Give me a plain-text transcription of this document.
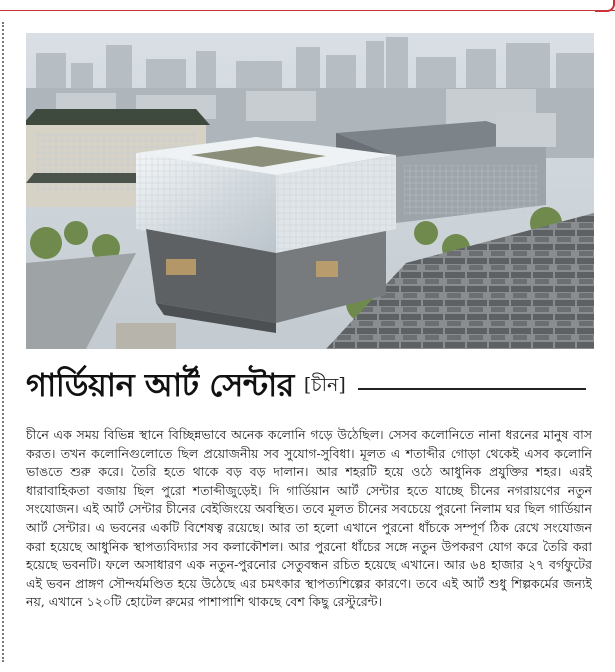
গার্ডিয়ান আর্ট সেন্টার [চীন]

চীনে এক সময় বিভিন্ন স্থানে বিচ্ছিন্নভাবে অনেক কলোনি গড়ে উঠেছিল। সেসব কলোনিতে নানা ধরনের মানুষ বাস করত। তখন কলোনিগুলোতে ছিল প্রয়োজনীয় সব সুযোগ-সুবিধা। মূলত এ শতাব্দীর গোড়া থেকেই এসব কলোনি ভাঙতে শুরু করে। তৈরি হতে থাকে বড় বড় দালান। আর শহরটি হয়ে ওঠে আধুনিক প্রযুক্তির শহর। এরই ধারাবাহিকতা বজায় ছিল পুরো শতাব্দীজুড়েই। দি গার্ডিয়ান আর্ট সেন্টার হতে যাচ্ছে চীনের নগরায়ণের নতুন সংযোজন। এই আর্ট সেন্টার চীনের বেইজিংয়ে অবস্থিত। তবে মূলত চীনের সবচেয়ে পুরনো নিলাম ঘর ছিল গার্ডিয়ান আর্ট সেন্টার। এ ভবনের একটি বিশেষত্ব রয়েছে। আর তা হলো এখানে পুরনো ধাঁচকে সম্পূর্ণ ঠিক রেখে সংযোজন করা হয়েছে আধুনিক স্থাপত্যবিদ্যার সব কলাকৌশল। আর পুরনো ধাঁচের সঙ্গে নতুন উপকরণ যোগ করে তৈরি করা হয়েছে ভবনটি। ফলে অসাধারণ এক নতুন-পুরনোর সেতুবন্ধন রচিত হয়েছে এখানে। আর ৬৪ হাজার ২৭ বর্গফুটের এই ভবন প্রাঙ্গণ সৌন্দর্যমণ্ডিত হয়ে উঠেছে এর চমৎকার স্থাপত্যশিল্পের কারণে। তবে এই আর্ট শুধু শিল্পকর্মের জন্যই নয়, এখানে ১২০টি হোটেল রুমের পাশাপাশি থাকছে বেশ কিছু রেস্টুরেন্ট।
